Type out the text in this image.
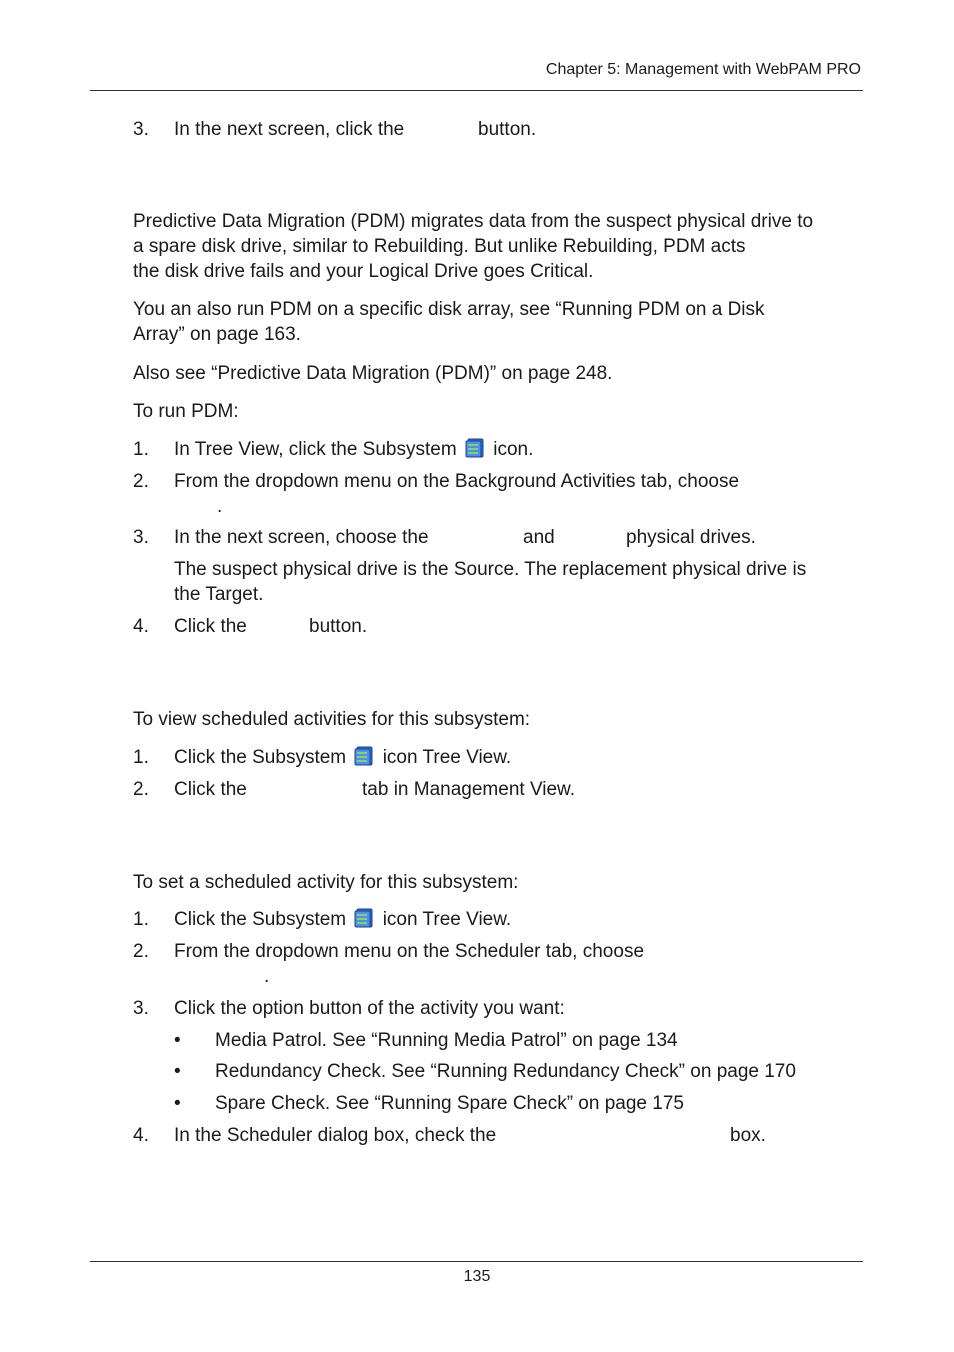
Chapter 5: Management with WebPAM PRO
3. In the next screen, click the	button.
Predictive Data Migration (PDM) migrates data from the suspect physical drive to
a spare disk drive, similar to Rebuilding. But unlike Rebuilding, PDM acts
the disk drive fails and your Logical Drive goes Critical.
You an also run PDM on a specific disk array, see “Running PDM on a Disk
Array” on page 163.
Also see “Predictive Data Migration (PDM)” on page 248.
To run PDM:
1. In Tree View, click the Subsystem icon.
2. From the dropdown menu on the Background Activities tab, choose
.
3. In the next screen, choose the	and	physical drives.
The suspect physical drive is the Source. The replacement physical drive is
the Target.
4. Click the	button.
To view scheduled activities for this subsystem:
1. Click the Subsystem icon Tree View.
2. Click the	tab in Management View.
To set a scheduled activity for this subsystem:
1. Click the Subsystem icon Tree View.
2. From the dropdown menu on the Scheduler tab, choose
.
3. Click the option button of the activity you want:
• Media Patrol. See “Running Media Patrol” on page 134
• Redundancy Check. See “Running Redundancy Check” on page 170
• Spare Check. See “Running Spare Check” on page 175
4. In the Scheduler dialog box, check the	box.
135
